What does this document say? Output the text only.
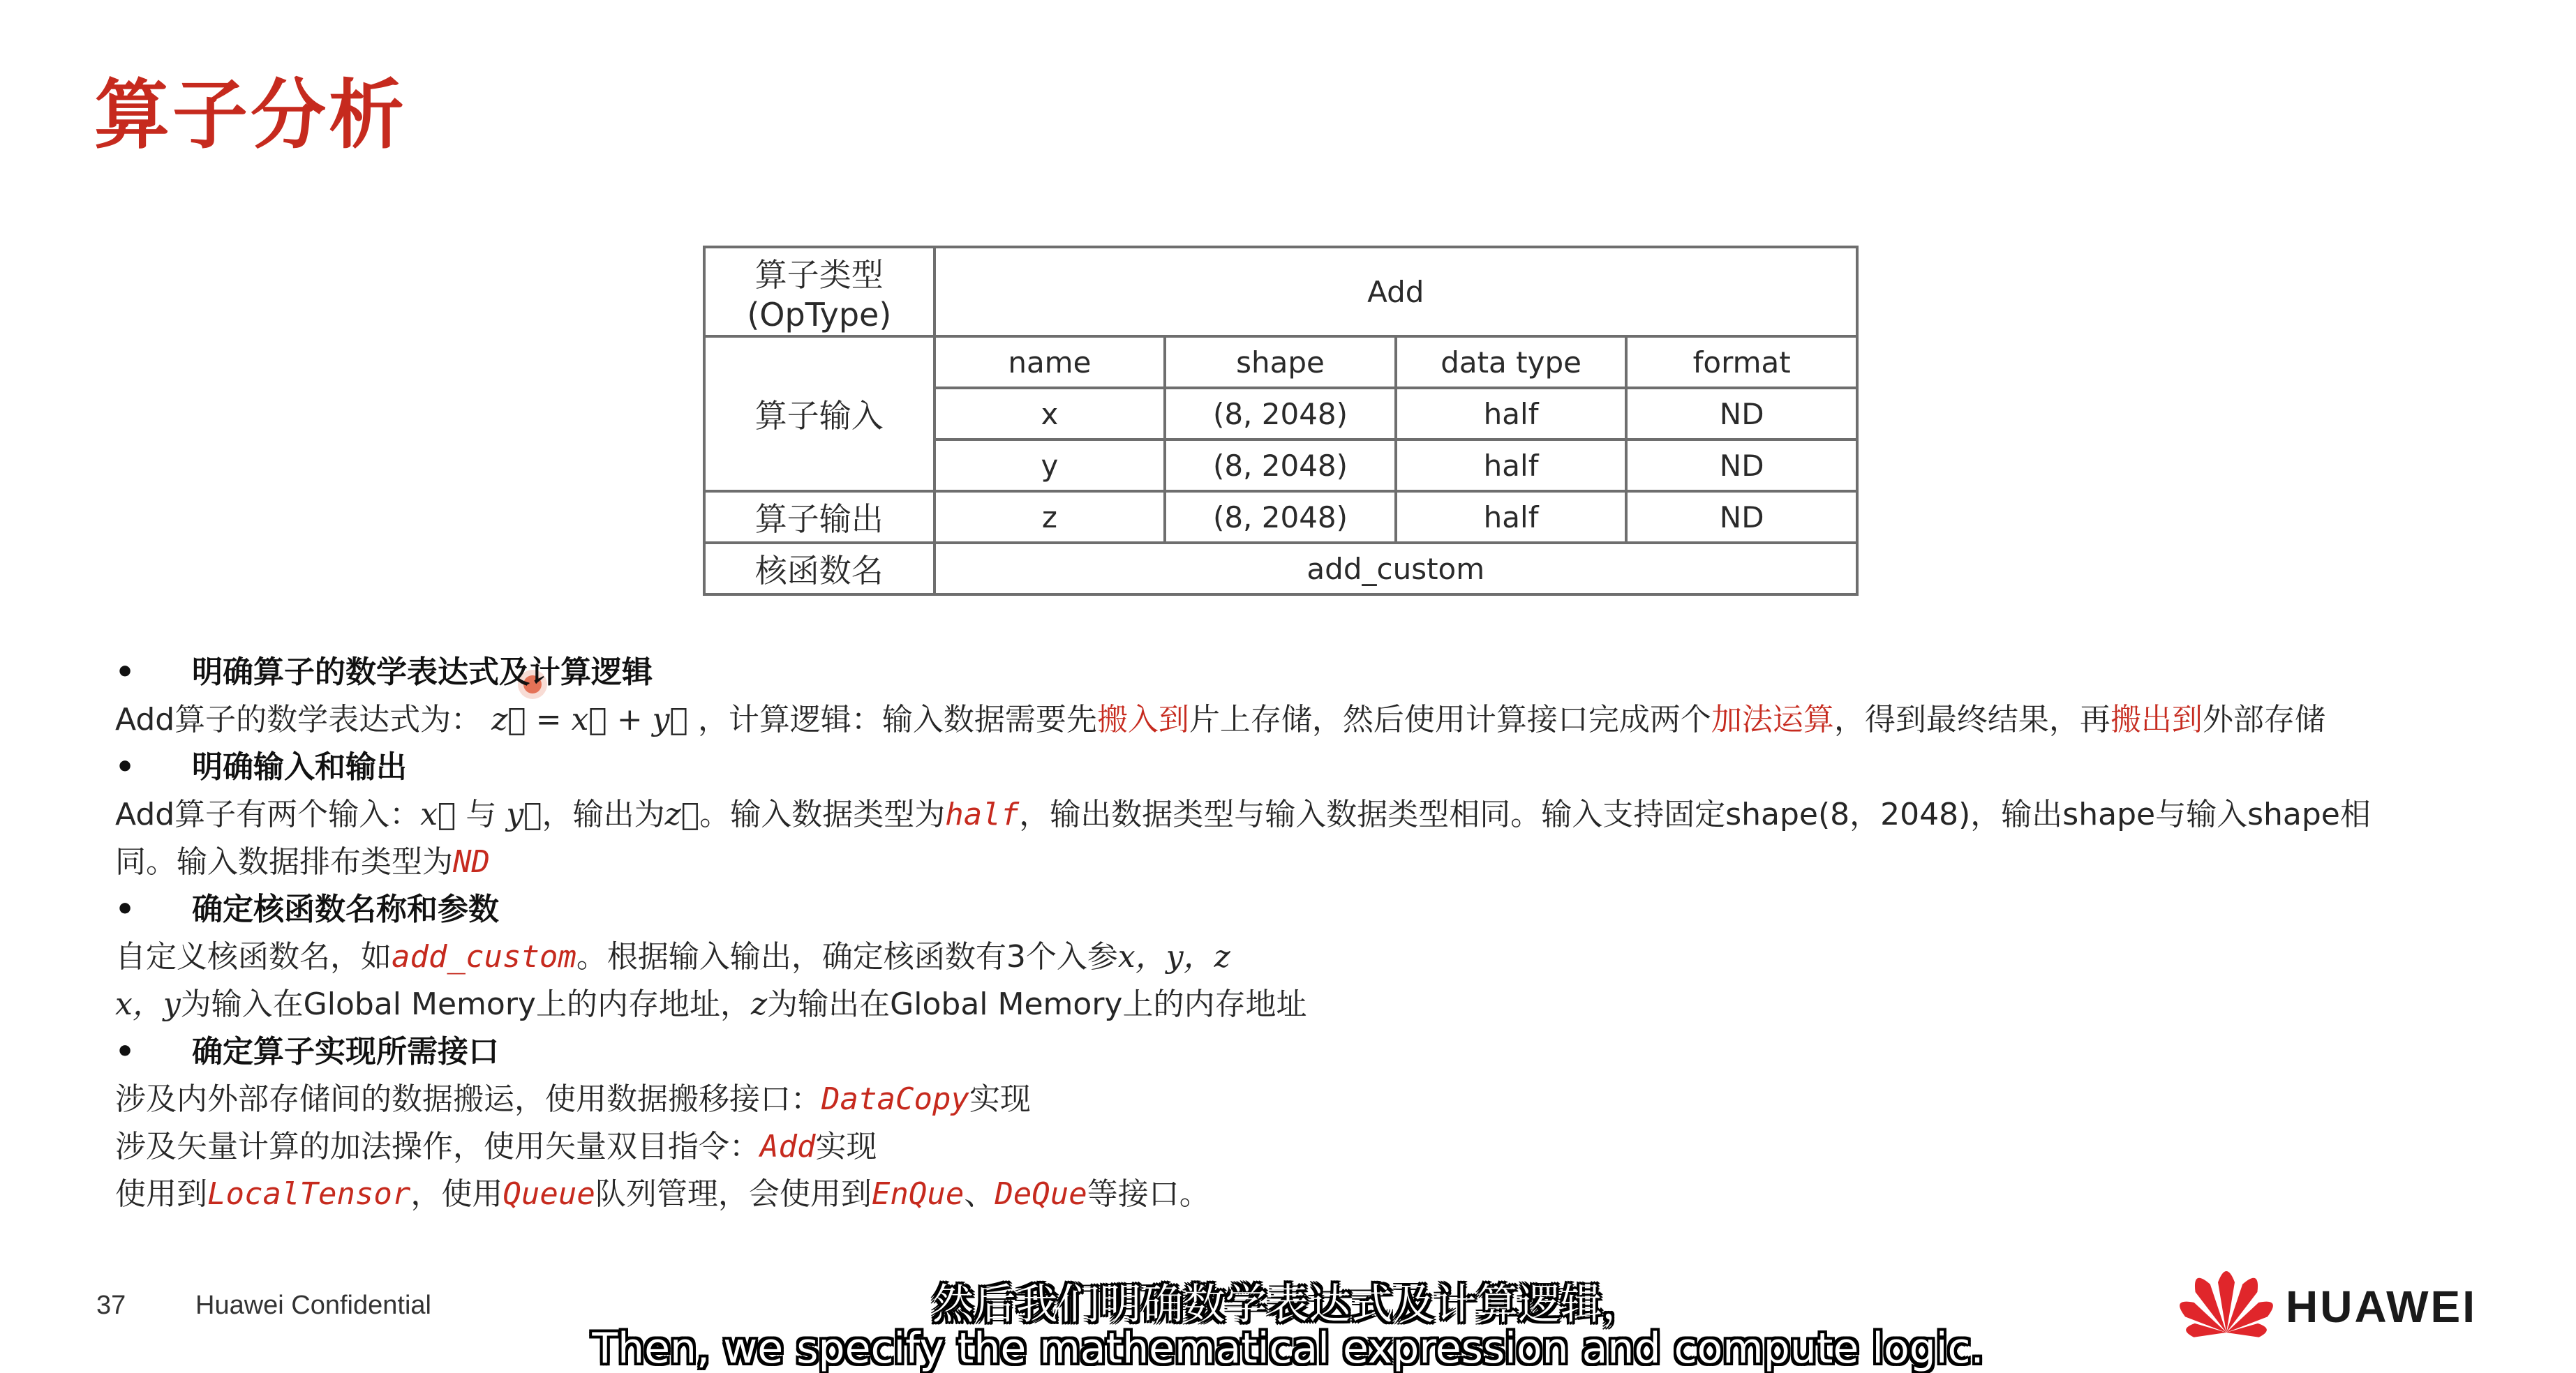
算子分析
算子类型
(OpType)	Add			
算子输入	name	shape	data type	format
	x	(8, 2048)	half	ND
	y	(8, 2048)	half	ND
算子输出	z	(8, 2048)	half	ND
核函数名	add_custom			
• 明确算子的数学表达式及计算逻辑
Add算子的数学表达式为： z⃗ = x⃗ + y⃗ ，计算逻辑：输入数据需要先搬入到片上存储，然后使用计算接口完成两个加法运算，得到最终结果，再搬出到外部存储
• 明确输入和输出
Add算子有两个输入：x⃗ 与 y⃗，输出为z⃗。输入数据类型为half，输出数据类型与输入数据类型相同。输入支持固定shape(8，2048)，输出shape与输入shape相同。输入数据排布类型为ND
• 确定核函数名称和参数
自定义核函数名，如add_custom。根据输入输出，确定核函数有3个入参x，y，z
x，y为输入在Global Memory上的内存地址，z为输出在Global Memory上的内存地址
• 确定算子实现所需接口
涉及内外部存储间的数据搬运，使用数据搬移接口：DataCopy实现
涉及矢量计算的加法操作，使用矢量双目指令：Add实现
使用到LocalTensor，使用Queue队列管理，会使用到EnQue、DeQue等接口。
37	Huawei Confidential	HUAWEI
然后我们明确数学表达式及计算逻辑，
Then, we specify the mathematical expression and compute logic.
